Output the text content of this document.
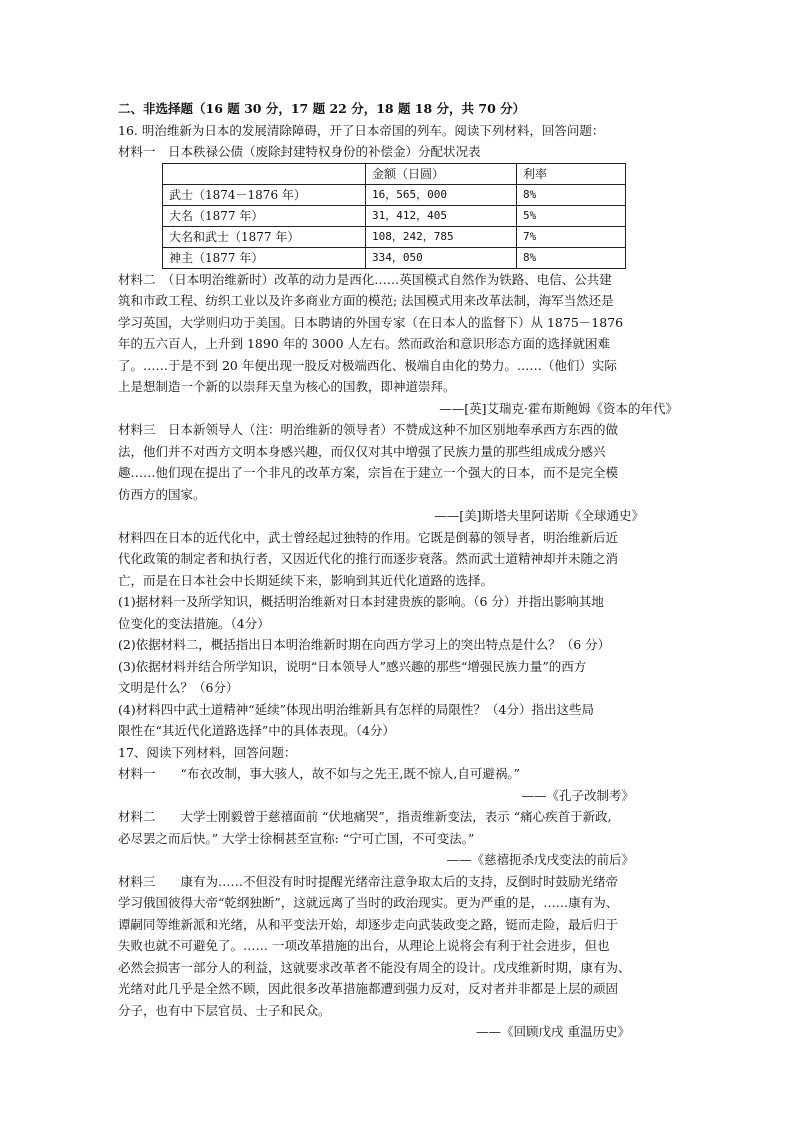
二、非选择题（16 题 30 分，17 题 22 分，18 题 18 分，共 70 分）
16. 明治维新为日本的发展清除障碍，开了日本帝国的列车。阅读下列材料，回答问题：
材料一　日本秩禄公债（废除封建特权身份的补偿金）分配状况表
	金额（日圆）	利率
武士（1874－1876 年）	16，565，000	8%
大名（1877 年）	31，412，405	5%
大名和武士（1877 年）	108，242，785	7%
神主（1877 年）	334，050	8%
材料二　（日本明治维新时）改革的动力是西化……英国模式自然作为铁路、电信、公共建
筑和市政工程、纺织工业以及许多商业方面的模范; 法国模式用来改革法制，海军当然还是
学习英国，大学则归功于美国。日本聘请的外国专家（在日本人的监督下）从 1875－1876
年的五六百人，上升到 1890 年的 3000 人左右。然而政治和意识形态方面的选择就困难
了。……于是不到 20 年便出现一股反对极端西化、极端自由化的势力。……（他们）实际
上是想制造一个新的以崇拜天皇为核心的国教，即神道崇拜。
——[英]艾瑞克·霍布斯鲍姆《资本的年代》
材料三　日本新领导人（注：明治维新的领导者）不赞成这种不加区别地奉承西方东西的做
法，他们并不对西方文明本身感兴趣，而仅仅对其中增强了民族力量的那些组成成分感兴
趣……他们现在提出了一个非凡的改革方案，宗旨在于建立一个强大的日本，而不是完全模
仿西方的国家。
——[美]斯塔夫里阿诺斯《全球通史》
材料四在日本的近代化中，武士曾经起过独特的作用。它既是倒幕的领导者，明治维新后近
代化政策的制定者和执行者，又因近代化的推行而逐步衰落。然而武士道精神却并未随之消
亡，而是在日本社会中长期延续下来，影响到其近代化道路的选择。
(1)据材料一及所学知识，概括明治维新对日本封建贵族的影响。（6 分）并指出影响其地
位变化的变法措施。（4分）
(2)依据材料二，概括指出日本明治维新时期在向西方学习上的突出特点是什么？（6 分）
(3)依据材料并结合所学知识，说明“日本领导人”感兴趣的那些“增强民族力量”的西方
文明是什么？（6分）
(4)材料四中武士道精神“延续”体现出明治维新具有怎样的局限性？（4分）指出这些局
限性在“其近代化道路选择”中的具体表现。（4分）
17、阅读下列材料，回答问题：
材料一　　“布衣改制，事大骇人，故不如与之先王,既不惊人,自可避祸。”
——《孔子改制考》
材料二　　大学士刚毅曾于慈禧面前 “伏地痛哭”，指责维新变法，表示 “痛心疾首于新政,
必尽罢之而后快。” 大学士徐桐甚至宣称: “宁可亡国，不可变法。”
——《慈禧扼杀戊戌变法的前后》
材料三　　康有为……不但没有时时提醒光绪帝注意争取太后的支持，反倒时时鼓励光绪帝
学习俄国彼得大帝“乾纲独断”，这就远离了当时的政治现实。更为严重的是，……康有为、
谭嗣同等维新派和光绪，从和平变法开始，却逐步走向武装政变之路，铤而走险，最后归于
失败也就不可避免了。…… 一项改革措施的出台，从理论上说将会有利于社会进步，但也
必然会损害一部分人的利益，这就要求改革者不能没有周全的设计。戊戌维新时期，康有为、
光绪对此几乎是全然不顾，因此很多改革措施都遭到强力反对，反对者并非都是上层的顽固
分子，也有中下层官员、士子和民众。
——《回顾戊戌 重温历史》
